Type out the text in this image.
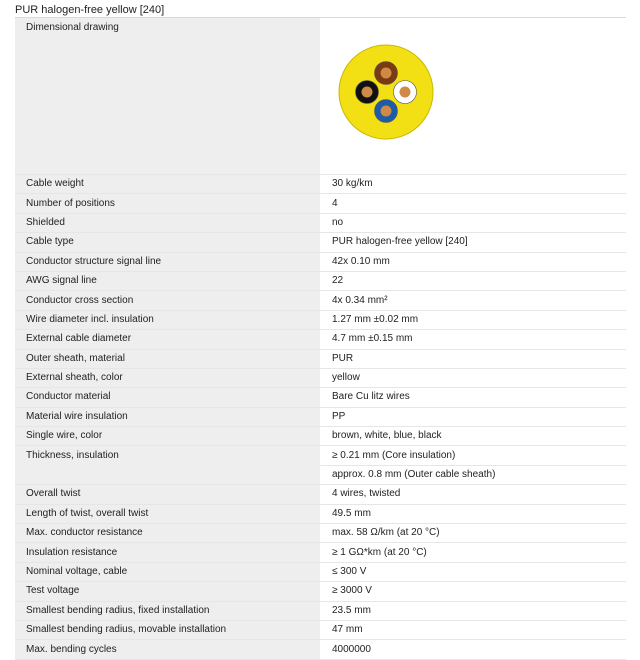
PUR halogen-free yellow [240]
Dimensional drawing	

Cable weight	30 kg/km
Number of positions	4
Shielded	no
Cable type	PUR halogen-free yellow [240]
Conductor structure signal line	42x 0.10 mm
AWG signal line	22
Conductor cross section	4x 0.34 mm²
Wire diameter incl. insulation	1.27 mm ±0.02 mm
External cable diameter	4.7 mm ±0.15 mm
Outer sheath, material	PUR
External sheath, color	yellow
Conductor material	Bare Cu litz wires
Material wire insulation	PP
Single wire, color	brown, white, blue, black
Thickness, insulation	≥ 0.21 mm (Core insulation)
	approx. 0.8 mm (Outer cable sheath)
Overall twist	4 wires, twisted
Length of twist, overall twist	49.5 mm
Max. conductor resistance	max. 58 Ω/km (at 20 °C)
Insulation resistance	≥ 1 GΩ*km (at 20 °C)
Nominal voltage, cable	≤ 300 V
Test voltage	≥ 3000 V
Smallest bending radius, fixed installation	23.5 mm
Smallest bending radius, movable installation	47 mm
Max. bending cycles	4000000
